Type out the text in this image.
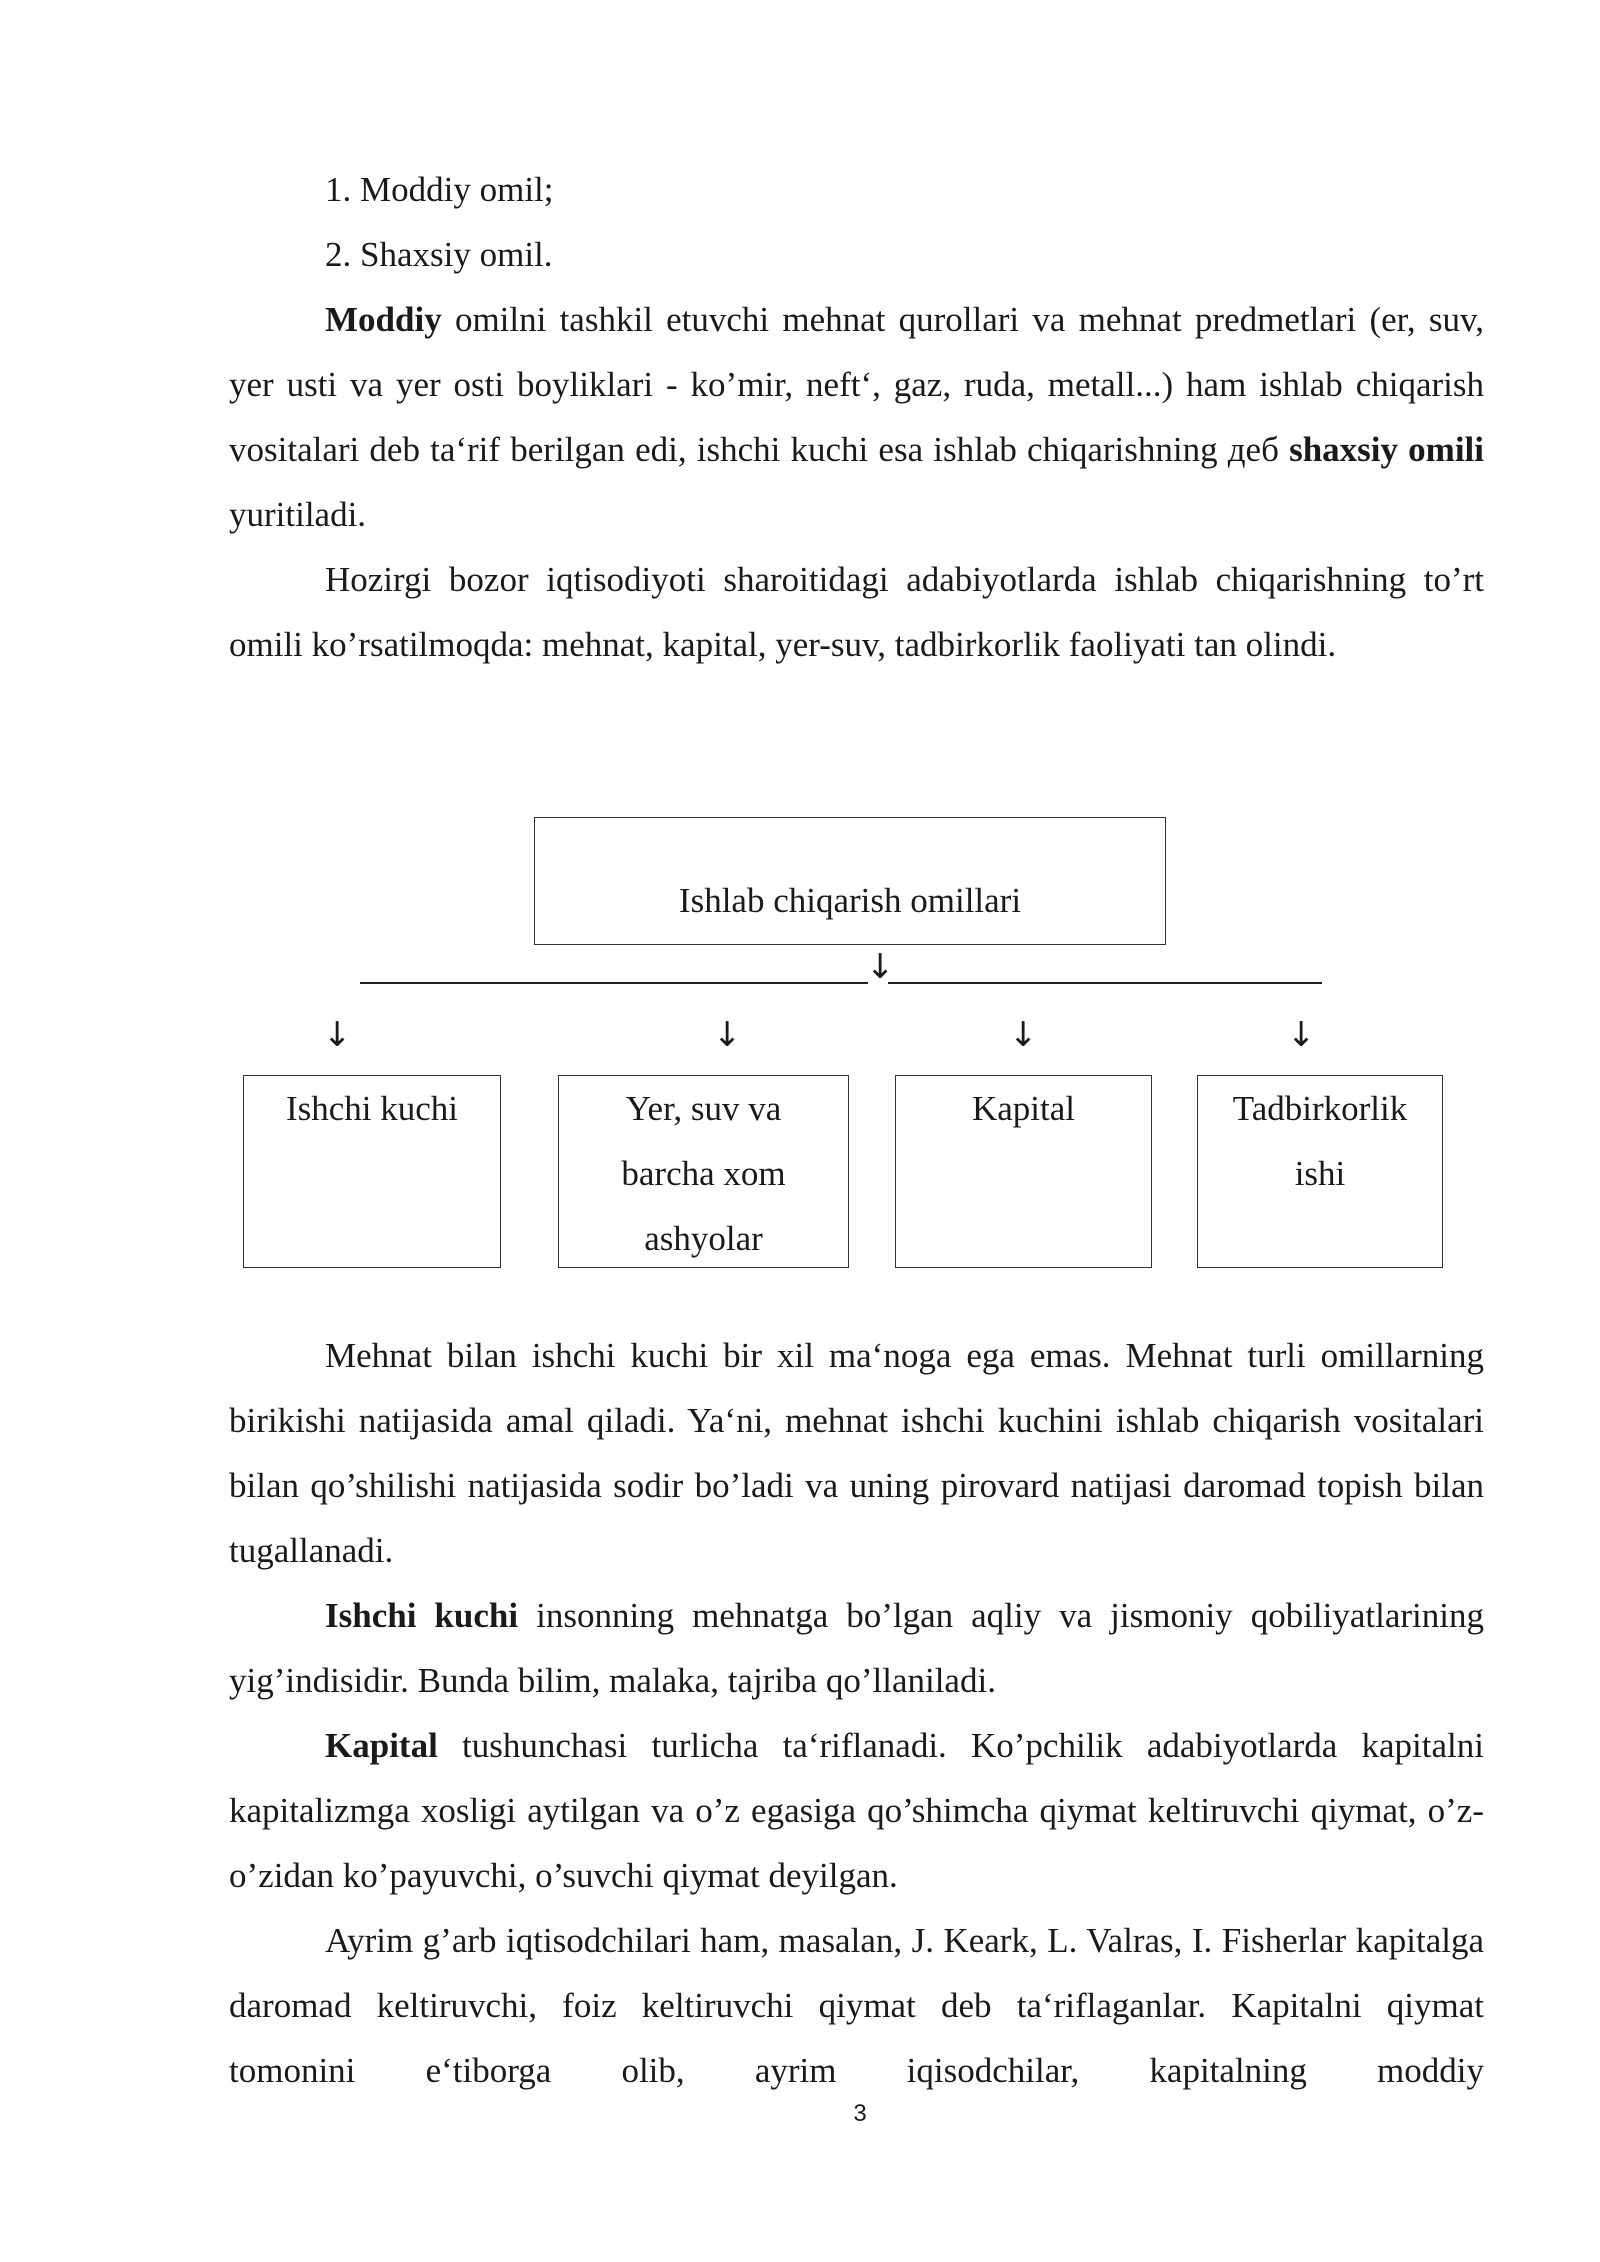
1. Moddiy omil;

2. Shaxsiy omil.

Moddiy omilni tashkil etuvchi mehnat qurollari va mehnat predmetlari (er, suv, yer usti va yer osti boyliklari - ko’mir, neft‘, gaz, ruda, metall...) ham ishlab chiqarish vositalari deb ta‘rif berilgan edi, ishchi kuchi esa ishlab chiqarishning деб shaxsiy omili yuritiladi.

Hozirgi bozor iqtisodiyoti sharoitidagi adabiyotlarda ishlab chiqarishning to’rt omili ko’rsatilmoqda: mehnat, kapital, yer-suv, tadbirkorlik faoliyati tan olindi.

Ishlab chiqarish omillari
↓
↓	↓	↓	↓
Ishchi kuchi	Yer, suv va
barcha xom
ashyolar
Kapital	Tadbirkorlik
ishi

Mehnat bilan ishchi kuchi bir xil ma‘noga ega emas. Mehnat turli omillarning birikishi natijasida amal qiladi. Ya‘ni, mehnat ishchi kuchini ishlab chiqarish vositalari bilan qo’shilishi natijasida sodir bo’ladi va uning pirovard natijasi daromad topish bilan tugallanadi.

Ishchi kuchi insonning mehnatga bo’lgan aqliy va jismoniy qobiliyatlarining yig’indisidir. Bunda bilim, malaka, tajriba qo’llaniladi.

Kapital tushunchasi turlicha ta‘riflanadi. Ko’pchilik adabiyotlarda kapitalni kapitalizmga xosligi aytilgan va o’z egasiga qo’shimcha qiymat keltiruvchi qiymat, o’z-o’zidan ko’payuvchi, o’suvchi qiymat deyilgan.

Ayrim g’arb iqtisodchilari ham, masalan, J. Keark, L. Valras, I. Fisherlar kapitalga daromad keltiruvchi, foiz keltiruvchi qiymat deb ta‘riflaganlar. Kapitalni qiymat tomonini e‘tiborga olib, ayrim iqisodchilar, kapitalning moddiy

3
